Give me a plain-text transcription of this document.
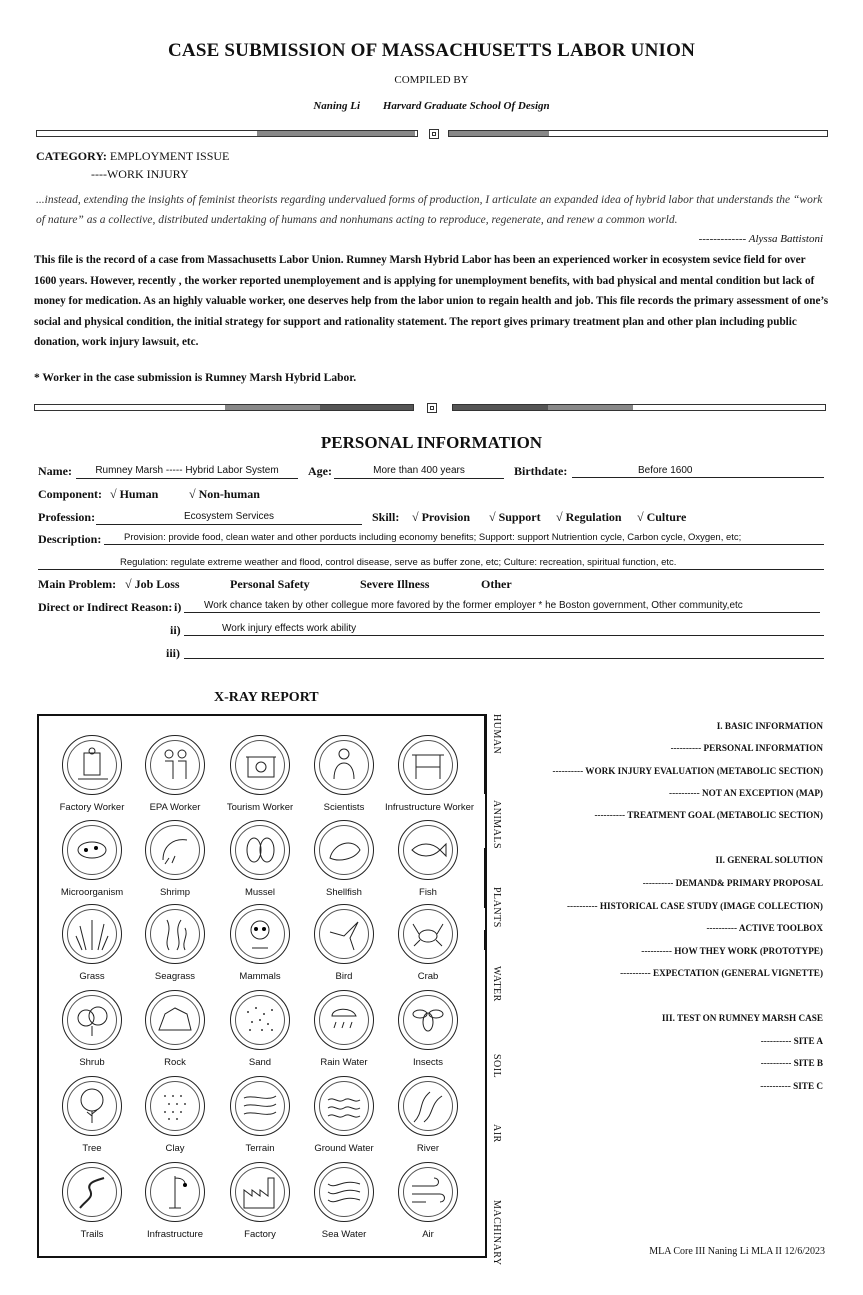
CASE SUBMISSION OF MASSACHUSETTS LABOR UNION
COMPILED BY
Naning Li Harvard Graduate School Of Design
CATEGORY: EMPLOYMENT ISSUE
----WORK INJURY
...instead, extending the insights of feminist theorists regarding undervalued forms of production, I articulate an expanded idea of hybrid labor that understands the “work of nature” as a collective, distributed undertaking of humans and nonhumans acting to reproduce, regenerate, and renew a common world.
------------- Alyssa Battistoni
This file is the record of a case from Massachusetts Labor Union. Rumney Marsh Hybrid Labor has been an experienced worker in ecosystem sevice field for over 1600 years. However, recently , the worker reported unemployement and is applying for unemployment benefits, with bad physical and mental condition but lack of money for medication. As an highly valuable worker, one deserves help from the labor union to regain health and job. This file records the primary assessment of one’s social and physical condition, the initial strategy for support and rationality statement. The report gives primary treatment plan and other plan including public donation, work injury lawsuit, etc.
* Worker in the case submission is Rumney Marsh Hybrid Labor.
PERSONAL INFORMATION
Name:	Rumney Marsh ----- Hybrid Labor System	Age:	More than 400 years	Birthdate:	Before 1600
Component: √ Human	√ Non-human
Profession:	Ecosystem Services	Skill: √ Provision √ Support √ Regulation √ Culture
Description:	Provision: provide food, clean water and other porducts including economy benefits; Support: support Nutriention cycle, Carbon cycle, Oxygen, etc;
Regulation: regulate extreme weather and flood, control disease, serve as buffer zone, etc; Culture: recreation, spiritual function, etc.
Main Problem: √ Job Loss	Personal Safety	Severe Illness	Other
Direct or Indirect Reason: i)	Work chance taken by other collegue more favored by the former employer * he Boston government, Other community,etc
ii)	Work injury effects work ability
iii)
X-RAY REPORT
HUMAN
ANIMALS
PLANTS
WATER
SOIL
AIR
MACHINARY
Factory Worker	EPA Worker	Tourism Worker	Scientists	Infrustructure Worker
Microorganism	Shrimp	Mussel	Shellfish	Fish
Grass	Seagrass	Mammals	Bird	Crab
Shrub	Rock	Sand	Rain Water	Insects
Tree	Clay	Terrain	Ground Water	River
Trails	Infrastructure	Factory	Sea Water	Air
I. BASIC INFORMATION
---------- PERSONAL INFORMATION
---------- WORK INJURY EVALUATION (METABOLIC SECTION)
---------- NOT AN EXCEPTION (MAP)
---------- TREATMENT GOAL (METABOLIC SECTION)
II. GENERAL SOLUTION
---------- DEMAND& PRIMARY PROPOSAL
---------- HISTORICAL CASE STUDY (IMAGE COLLECTION)
---------- ACTIVE TOOLBOX
---------- HOW THEY WORK (PROTOTYPE)
---------- EXPECTATION (GENERAL VIGNETTE)
III. TEST ON RUMNEY MARSH CASE
---------- SITE A
---------- SITE B
---------- SITE C
MLA Core III Naning Li MLA II 12/6/2023
